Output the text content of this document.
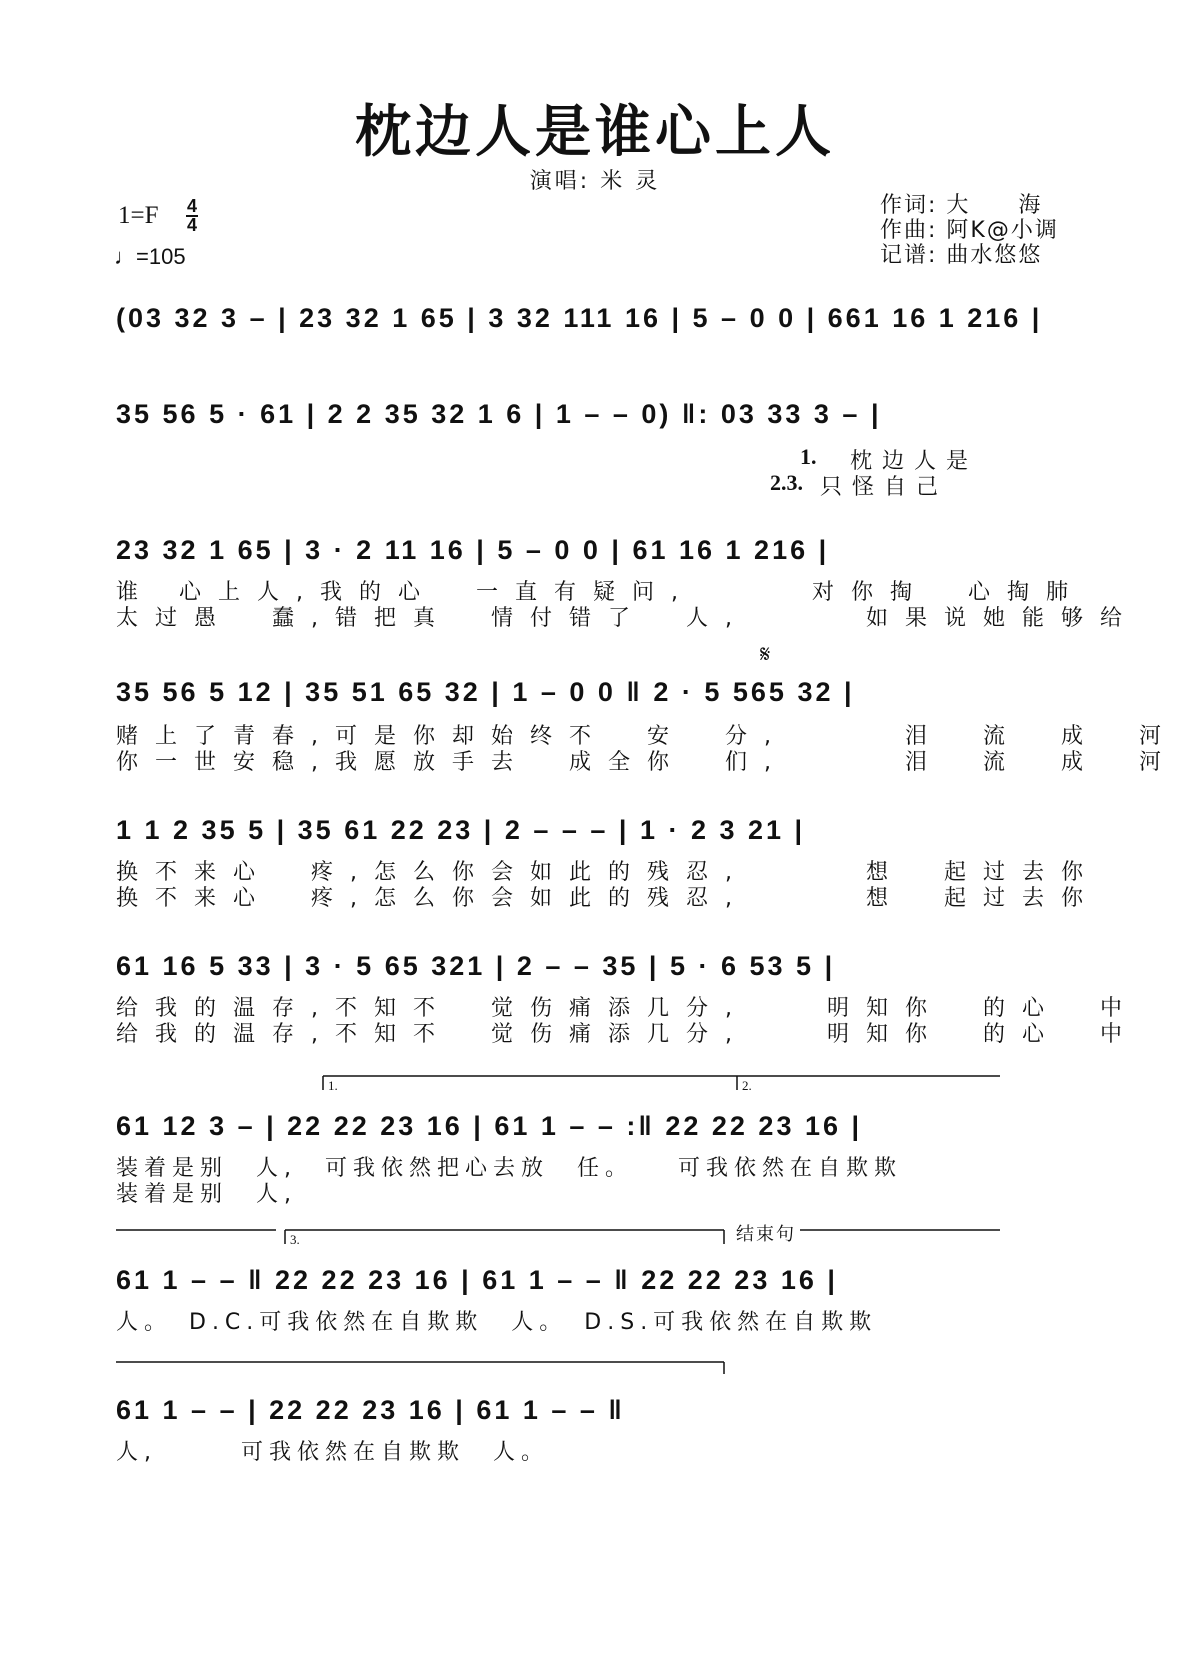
枕边人是谁心上人
演唱: 米 灵
1=F 4
4
♩=105
作词: 大　　海
作曲: 阿K@小调
记谱: 曲水悠悠
(03 32 3 – | 23 32 1 65 | 3 32 111 16 | 5 – 0 0 | 661 16 1 216 |
35 56 5 · 61 | 2 2 35 32 1 6 | 1 – – 0) ‖: 03 33 3 – |
1. 枕边人是
2.3. 只怪自己
23 32 1 65 | 3 · 2 11 16 | 5 – 0 0 | 61 16 1 216 |
谁 心上人,我的心　一直有疑问,　　　对你掏　心掏肺
太过愚　蠢,错把真　情付错了　人,　　　如果说她能够给
𝄋
35 56 5 12 | 35 51 65 32 | 1 – 0 0 ‖ 2 · 5 565 32 |
赌上了青春,可是你却始终不　安　分,　　　泪　流　成　河
你一世安稳,我愿放手去　成全你　们,　　　泪　流　成　河
1 1 2 35 5 | 35 61 22 23 | 2 – – – | 1 · 2 3 21 |
换不来心　疼,怎么你会如此的残忍,　　　想　起过去你
换不来心　疼,怎么你会如此的残忍,　　　想　起过去你
61 16 5 33 | 3 · 5 65 321 | 2 – – 35 | 5 · 6 53 5 |
给我的温存,不知不　觉伤痛添几分,　　明知你　的心　中
给我的温存,不知不　觉伤痛添几分,　　明知你　的心　中
1.	2.
61 12 3 – | 22 22 23 16 | 61 1 – – :‖ 22 22 23 16 |
装着是别　人,　可我依然把心去放　任。　　可我依然在自欺欺
装着是别　人,
3.	结束句
61 1 – – ‖ 22 22 23 16 | 61 1 – – ‖ 22 22 23 16 |
人。　D.C.可我依然在自欺欺　人。　D.S.可我依然在自欺欺
61 1 – – | 22 22 23 16 | 61 1 – – ‖
人,　　　可我依然在自欺欺　人。
